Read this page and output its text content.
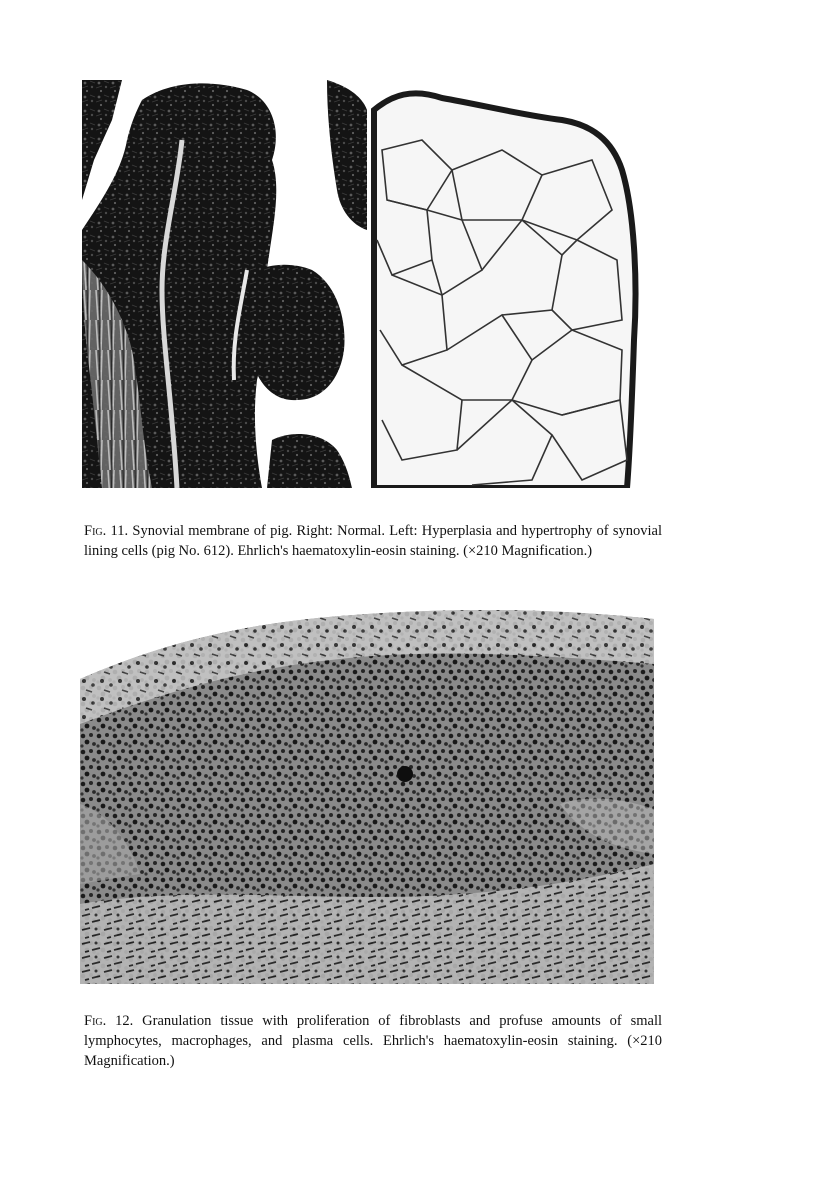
Fig. 11. Synovial membrane of pig. Right: Normal. Left: Hyperplasia and hypertrophy of synovial lining cells (pig No. 612). Ehrlich's haematoxylin-eosin staining. (×210 Magnification.)

Fig. 12. Granulation tissue with proliferation of fibroblasts and profuse amounts of small lymphocytes, macrophages, and plasma cells. Ehrlich's haematoxylin-eosin staining. (×210 Magnification.)
